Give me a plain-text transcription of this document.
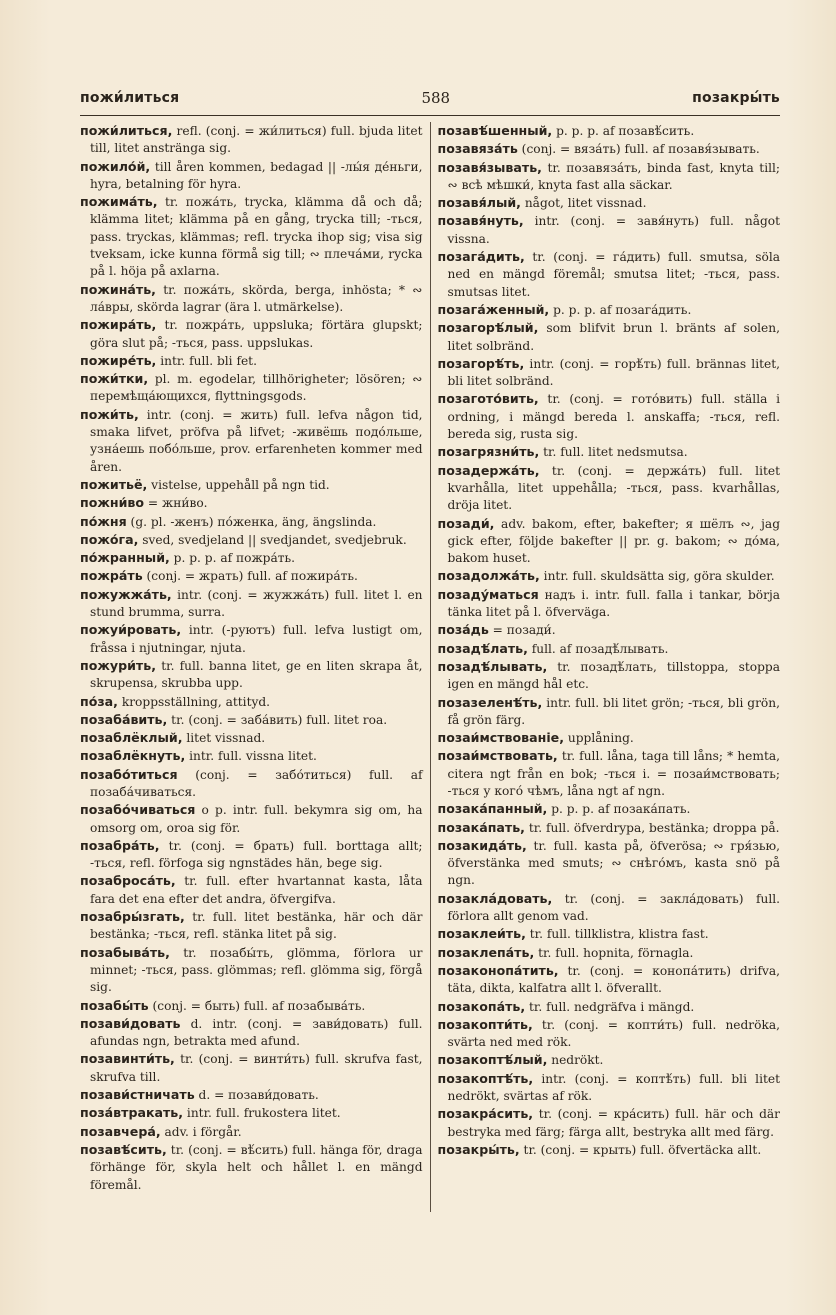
пожи́литься	588	позакры́ть
пожи́литься, refl. (conj. = жи́литься) full. bjuda litet till, litet anstränga sig.
пожило́й, till åren kommen, bedagad || -лы́я де́ньги, hyra, betalning för hyra.
пожима́ть, tr. пожа́ть, trycka, klämma då och då; klämma litet; klämma på en gång, trycka till; -ться, pass. tryckas, klämmas; refl. trycka ihop sig; visa sig tveksam, icke kunna förmå sig till; ∾ плеча́ми, rycka på l. höja på axlarna.
пожина́ть, tr. пожа́ть, skörda, berga, inhösta; * ∾ ла́вры, skörda lagrar (ära l. utmärkelse).
пожира́ть, tr. пожра́ть, uppsluka; förtära glupskt; göra slut på; -ться, pass. uppslukas.
пожире́ть, intr. full. bli fet.
пожи́тки, pl. m. egodelar, tillhörigheter; lösören; ∾ перемѣща́ющихся, flyttningsgods.
пожи́ть, intr. (conj. = жить) full. lefva någon tid, smaka lifvet, pröfva på lifvet; -живёшь подо́льше, узна́ешь побо́льше, prov. erfarenheten kommer med åren.
пожитьё, vistelse, uppehåll på ngn tid.
пожни́во = жни́во.
по́жня (g. pl. -женъ) по́женка, äng, ängslinda.
пожо́га, sved, svedjeland || svedjandet, svedjebruk.
по́жранный, p. p. p. af пожра́ть.
пожра́ть (conj. = жрать) full. af пожира́ть.
пожужжа́ть, intr. (conj. = жужжа́ть) full. litet l. en stund brumma, surra.
пожуи́ровать, intr. (-руютъ) full. lefva lustigt om, fråssa i njutningar, njuta.
пожури́ть, tr. full. banna litet, ge en liten skrapa åt, skrupensa, skrubba upp.
по́за, kroppsställning, attityd.
позаба́вить, tr. (conj. = заба́вить) full. litet roa.
позаблёклый, litet vissnad.
позаблёкнуть, intr. full. vissna litet.
позабо́титься (conj. = забо́титься) full. af позаба́чиваться.
позабо́чиваться о p. intr. full. bekymra sig om, ha omsorg om, oroa sig för.
позабра́ть, tr. (conj. = брать) full. borttaga allt; -ться, refl. förfoga sig ngnstädes hän, bege sig.
позаброса́ть, tr. full. efter hvartannat kasta, låta fara det ena efter det andra, öfvergifva.
позабры́згать, tr. full. litet bestänka, här och där bestänka; -ться, refl. stänka litet på sig.
позабыва́ть, tr. позабы́ть, glömma, förlora ur minnet; -ться, pass. glömmas; refl. glömma sig, förgå sig.
позабы́ть (conj. = быть) full. af позабыва́ть.
позави́довать d. intr. (conj. = зави́довать) full. afundas ngn, betrakta med afund.
позавинти́ть, tr. (conj. = винти́ть) full. skrufva fast, skrufva till.
позави́стничать d. = позави́довать.
поза́втракать, intr. full. frukostera litet.
позавчера́, adv. i förgår.
позавѣ́сить, tr. (conj. = вѣ́сить) full. hänga för, draga förhänge för, skyla helt och hållet l. en mängd föremål.
позавѣ́шенный, p. p. p. af позавѣ́сить.
позавяза́ть (conj. = вяза́ть) full. af позавя́зывать.
позавя́зывать, tr. позавяза́ть, binda fast, knyta till; ∾ всѣ мѣшки́, knyta fast alla säckar.
позавя́лый, något, litet vissnad.
позавя́нуть, intr. (conj. = завя́нуть) full. något vissna.
позага́дить, tr. (conj. = га́дить) full. smutsa, söla ned en mängd föremål; smutsa litet; -ться, pass. smutsas litet.
позага́женный, p. p. p. af позага́дить.
позагорѣ́лый, som blifvit brun l. bränts af solen, litet solbränd.
позагорѣ́ть, intr. (conj. = горѣ́ть) full. brännas litet, bli litet solbränd.
позагото́вить, tr. (conj. = гото́вить) full. ställa i ordning, i mängd bereda l. anskaffa; -ться, refl. bereda sig, rusta sig.
позагрязни́ть, tr. full. litet nedsmutsa.
позадержа́ть, tr. (conj. = держа́ть) full. litet kvarhålla, litet uppehålla; -ться, pass. kvarhållas, dröja litet.
позади́, adv. bakom, efter, bakefter; я шёлъ ∾, jag gick efter, följde bakefter || pr. g. bakom; ∾ до́ма, bakom huset.
позадолжа́ть, intr. full. skuldsätta sig, göra skulder.
позаду́маться надъ i. intr. full. falla i tankar, börja tänka litet på l. öfverväga.
поза́дь = позади́.
позадѣ́лать, full. af позадѣ́лывать.
позадѣ́лывать, tr. позадѣ́лать, tillstoppa, stoppa igen en mängd hål etc.
позазеленѣ́ть, intr. full. bli litet grön; -ться, bli grön, få grön färg.
позаи́мствованіе, upplåning.
позаи́мствовать, tr. full. låna, taga till låns; * hemta, citera ngt från en bok; -ться i. = позаи́мствовать; -ться у кого́ чѣмъ, låna ngt af ngn.
позака́панный, p. p. p. af позака́пать.
позака́пать, tr. full. öfverdrypa, bestänka; droppa på.
позакида́ть, tr. full. kasta på, öfverösa; ∾ гря́зью, öfverstänka med smuts; ∾ снѣго́мъ, kasta snö på ngn.
позаклáдовать, tr. (conj. = закла́довать) full. förlora allt genom vad.
позаклеи́ть, tr. full. tillklistra, klistra fast.
позаклепа́ть, tr. full. hopnita, förnagla.
позаконопа́тить, tr. (conj. = конопа́тить) drifva, täta, dikta, kalfatra allt l. öfverallt.
позакопа́ть, tr. full. nedgräfva i mängd.
позакопти́ть, tr. (conj. = копти́ть) full. nedröka, svärta ned med rök.
позакоптѣ́лый, nedrökt.
позакоптѣ́ть, intr. (conj. = коптѣ́ть) full. bli litet nedrökt, svärtas af rök.
позакра́сить, tr. (conj. = кра́сить) full. här och där bestryka med färg; färga allt, bestryka allt med färg.
позакры́ть, tr. (conj. = крыть) full. öfvertäcka allt.
